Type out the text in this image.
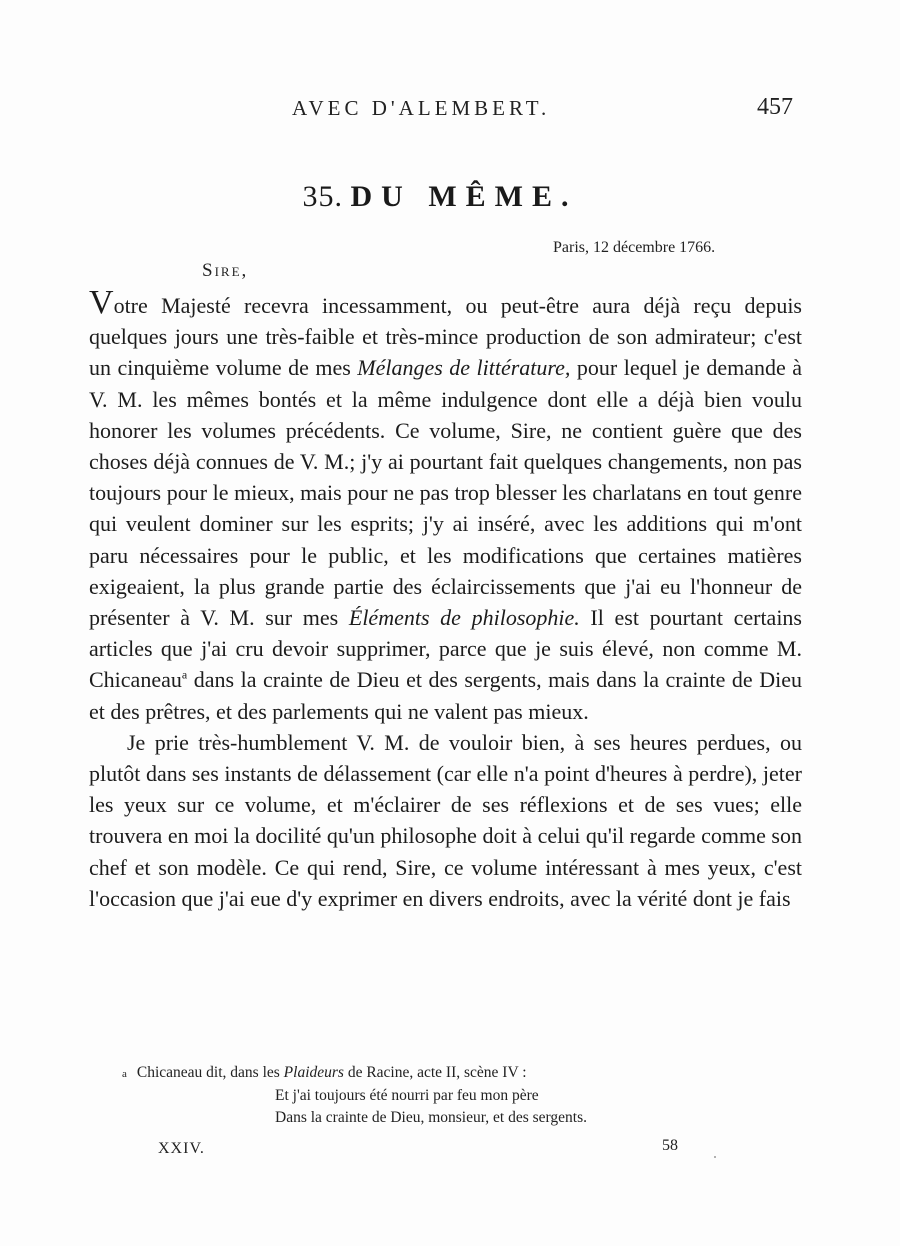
AVEC D'ALEMBERT.	457
35. DU MÊME.
Paris, 12 décembre 1766.
Sire,

Votre Majesté recevra incessamment, ou peut-être aura déjà reçu depuis quelques jours une très-faible et très-mince production de son admirateur; c'est un cinquième volume de mes Mélanges de littérature, pour lequel je demande à V. M. les mêmes bontés et la même indulgence dont elle a déjà bien voulu honorer les volumes précédents. Ce volume, Sire, ne contient guère que des choses déjà connues de V. M.; j'y ai pourtant fait quelques changements, non pas toujours pour le mieux, mais pour ne pas trop blesser les charlatans en tout genre qui veulent dominer sur les esprits; j'y ai inséré, avec les additions qui m'ont paru nécessaires pour le public, et les modifications que certaines matières exigeaient, la plus grande partie des éclaircissements que j'ai eu l'honneur de présenter à V. M. sur mes Éléments de philosophie. Il est pourtant certains articles que j'ai cru devoir supprimer, parce que je suis élevé, non comme M. Chicaneau$^a$ dans la crainte de Dieu et des sergents, mais dans la crainte de Dieu et des prêtres, et des parlements qui ne valent pas mieux.

Je prie très-humblement V. M. de vouloir bien, à ses heures perdues, ou plutôt dans ses instants de délassement (car elle n'a point d'heures à perdre), jeter les yeux sur ce volume, et m'éclairer de ses réflexions et de ses vues; elle trouvera en moi la docilité qu'un philosophe doit à celui qu'il regarde comme son chef et son modèle. Ce qui rend, Sire, ce volume intéressant à mes yeux, c'est l'occasion que j'ai eue d'y exprimer en divers endroits, avec la vérité dont je fais

a Chicaneau dit, dans les Plaideurs de Racine, acte II, scène IV :
Et j'ai toujours été nourri par feu mon père
Dans la crainte de Dieu, monsieur, et des sergents.
XXIV.	58
